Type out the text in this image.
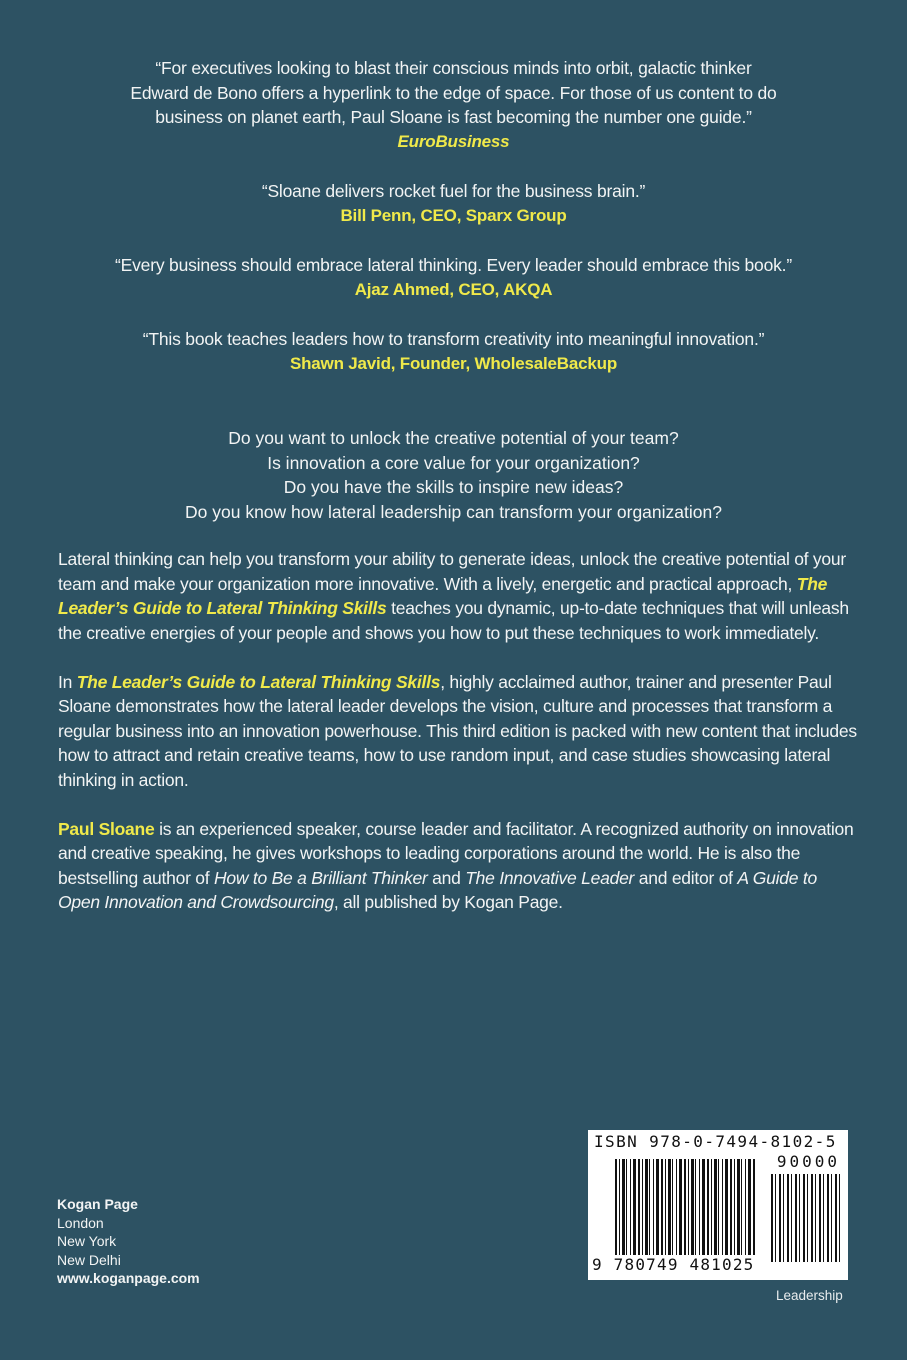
“For executives looking to blast their conscious minds into orbit, galactic thinker
Edward de Bono offers a hyperlink to the edge of space. For those of us content to do
business on planet earth, Paul Sloane is fast becoming the number one guide.”
EuroBusiness
“Sloane delivers rocket fuel for the business brain.”
Bill Penn, CEO, Sparx Group
“Every business should embrace lateral thinking. Every leader should embrace this book.”
Ajaz Ahmed, CEO, AKQA
“This book teaches leaders how to transform creativity into meaningful innovation.”
Shawn Javid, Founder, WholesaleBackup
Do you want to unlock the creative potential of your team?
Is innovation a core value for your organization?
Do you have the skills to inspire new ideas?
Do you know how lateral leadership can transform your organization?

Lateral thinking can help you transform your ability to generate ideas, unlock the creative potential of your team and make your organization more innovative. With a lively, energetic and practical approach, The Leader’s Guide to Lateral Thinking Skills teaches you dynamic, up-to-date techniques that will unleash the creative energies of your people and shows you how to put these techniques to work immediately.

In The Leader’s Guide to Lateral Thinking Skills, highly acclaimed author, trainer and presenter Paul Sloane demonstrates how the lateral leader develops the vision, culture and processes that transform a regular business into an innovation powerhouse. This third edition is packed with new content that includes how to attract and retain creative teams, how to use random input, and case studies showcasing lateral thinking in action.

Paul Sloane is an experienced speaker, course leader and facilitator. A recognized authority on innovation and creative speaking, he gives workshops to leading corporations around the world. He is also the bestselling author of How to Be a Brilliant Thinker and The Innovative Leader and editor of A Guide to Open Innovation and Crowdsourcing, all published by Kogan Page.

Kogan Page
London
New York
New Delhi
www.koganpage.com
ISBN 978-0-7494-8102-5
90000
9 780749 481025
Leadership
